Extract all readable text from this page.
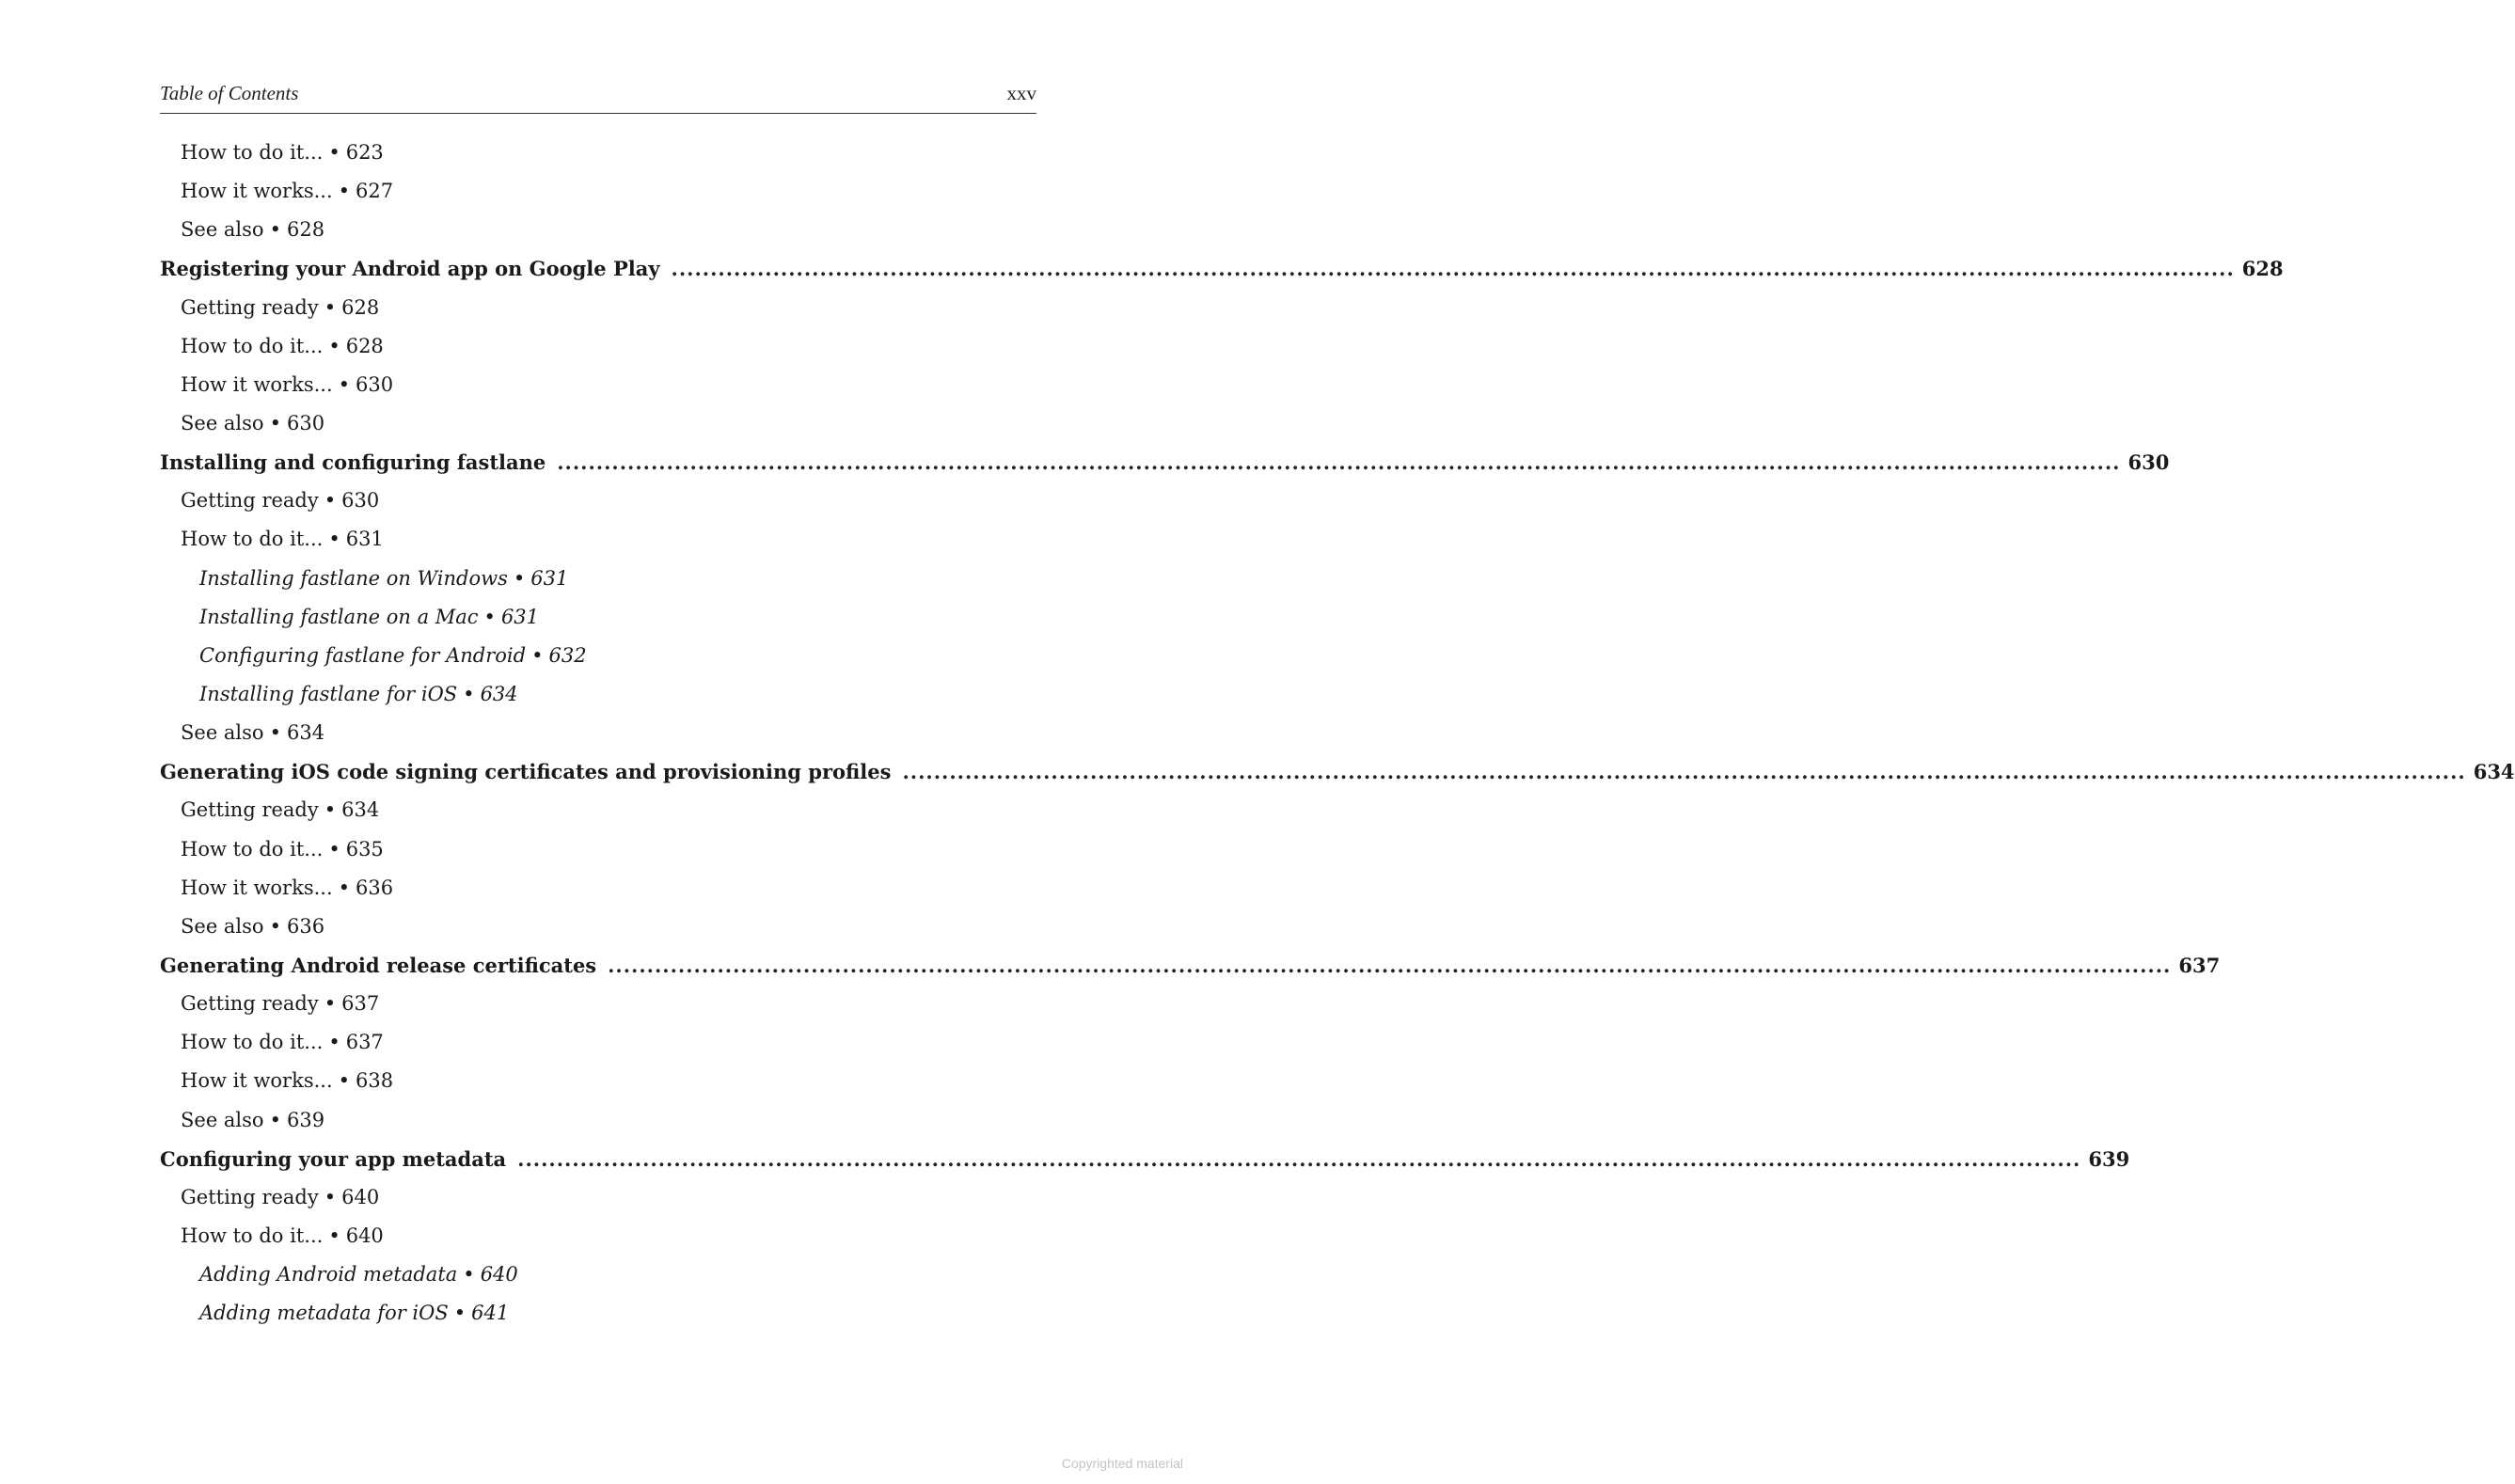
Table of Contents	xxv
How to do it... • 623
How it works... • 627
See also • 628
Registering your Android app on Google Play ........................................................................................................................................................................................................ 628
Getting ready • 628
How to do it... • 628
How it works... • 630
See also • 630
Installing and configuring fastlane ........................................................................................................................................................................................................ 630
Getting ready • 630
How to do it... • 631
Installing fastlane on Windows • 631
Installing fastlane on a Mac • 631
Configuring fastlane for Android • 632
Installing fastlane for iOS • 634
See also • 634
Generating iOS code signing certificates and provisioning profiles ........................................................................................................................................................................................................ 634
Getting ready • 634
How to do it... • 635
How it works... • 636
See also • 636
Generating Android release certificates ........................................................................................................................................................................................................ 637
Getting ready • 637
How to do it... • 637
How it works... • 638
See also • 639
Configuring your app metadata ........................................................................................................................................................................................................ 639
Getting ready • 640
How to do it... • 640
Adding Android metadata • 640
Adding metadata for iOS • 641
Copyrighted material
